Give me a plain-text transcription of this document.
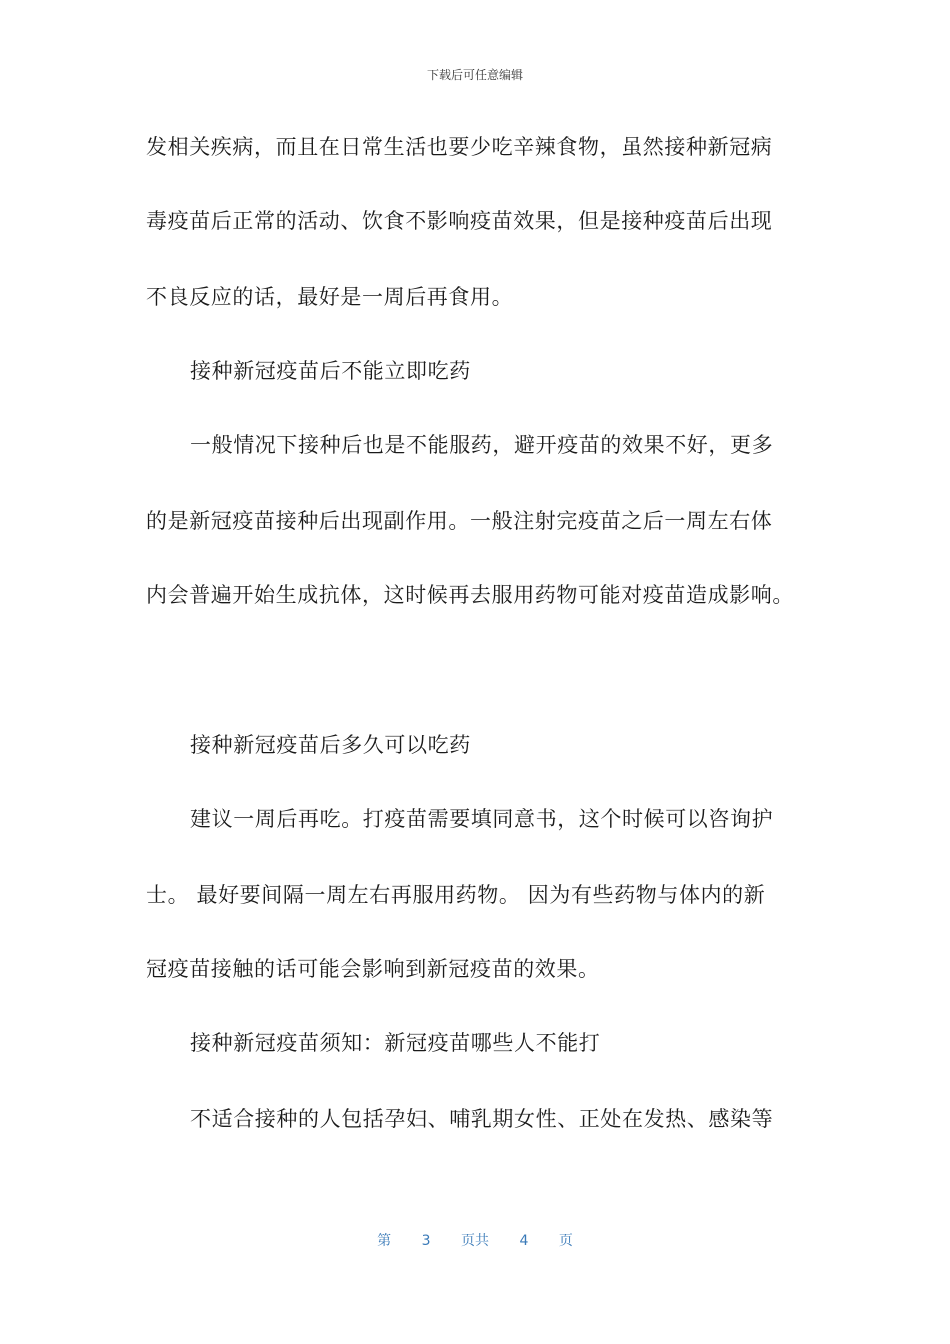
下载后可任意编辑
发相关疾病，而且在日常生活也要少吃辛辣食物，虽然接种新冠病
毒疫苗后正常的活动、饮食不影响疫苗效果，但是接种疫苗后出现
不良反应的话，最好是一周后再食用。
接种新冠疫苗后不能立即吃药
一般情况下接种后也是不能服药，避开疫苗的效果不好，更多
的是新冠疫苗接种后出现副作用。一般注射完疫苗之后一周左右体
内会普遍开始生成抗体，这时候再去服用药物可能对疫苗造成影响。
接种新冠疫苗后多久可以吃药
建议一周后再吃。打疫苗需要填同意书，这个时候可以咨询护
士。 最好要间隔一周左右再服用药物。 因为有些药物与体内的新
冠疫苗接触的话可能会影响到新冠疫苗的效果。
接种新冠疫苗须知：新冠疫苗哪些人不能打
不适合接种的人包括孕妇、哺乳期女性、正处在发热、感染等
第 3 页共 4 页
